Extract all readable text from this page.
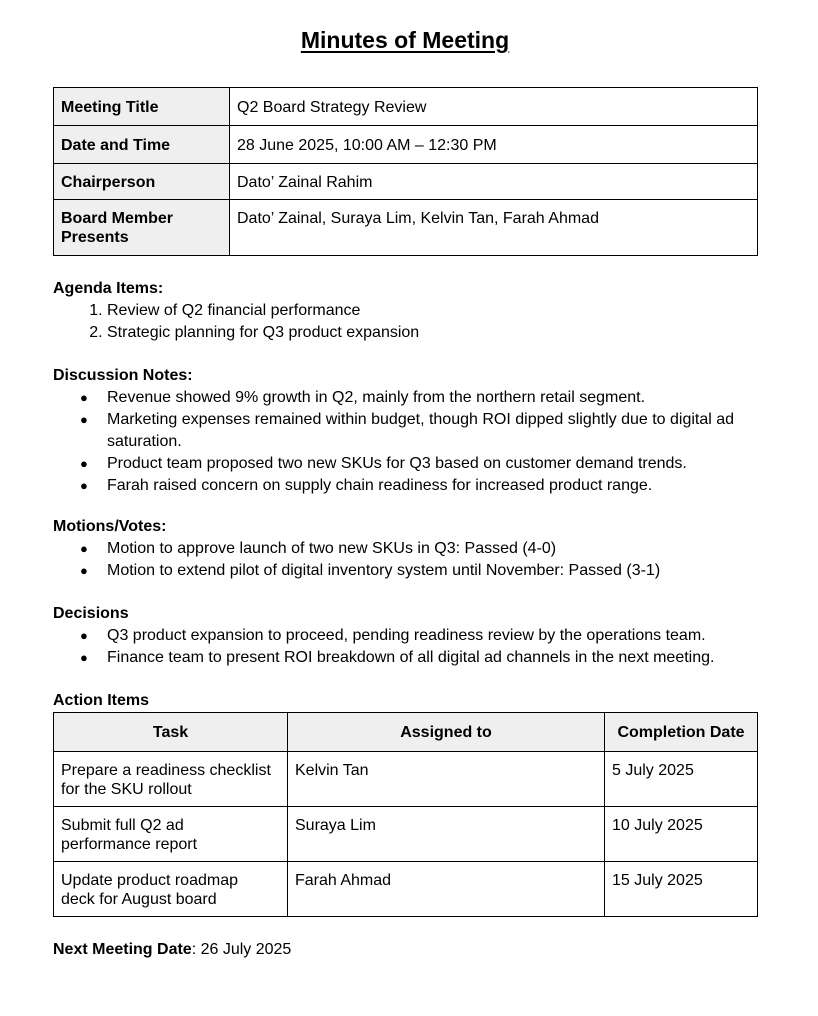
Minutes of Meeting
Meeting Title	Q2 Board Strategy Review
Date and Time	28 June 2025, 10:00 AM – 12:30 PM
Chairperson	Dato’ Zainal Rahim
Board Member
Presents	Dato’ Zainal, Suraya Lim, Kelvin Tan, Farah Ahmad

Agenda Items:

1. Review of Q2 financial performance
2. Strategic planning for Q3 product expansion

Discussion Notes:

● Revenue showed 9% growth in Q2, mainly from the northern retail segment.
● Marketing expenses remained within budget, though ROI dipped slightly due to digital ad saturation.
● Product team proposed two new SKUs for Q3 based on customer demand trends.
● Farah raised concern on supply chain readiness for increased product range.

Motions/Votes:

● Motion to approve launch of two new SKUs in Q3: Passed (4-0)
● Motion to extend pilot of digital inventory system until November: Passed (3-1)

Decisions

● Q3 product expansion to proceed, pending readiness review by the operations team.
● Finance team to present ROI breakdown of all digital ad channels in the next meeting.

Action Items

Task	Assigned to	Completion Date
Prepare a readiness checklist
for the SKU rollout	Kelvin Tan	5 July 2025
Submit full Q2 ad
performance report	Suraya Lim	10 July 2025
Update product roadmap
deck for August board	Farah Ahmad	15 July 2025

Next Meeting Date: 26 July 2025
